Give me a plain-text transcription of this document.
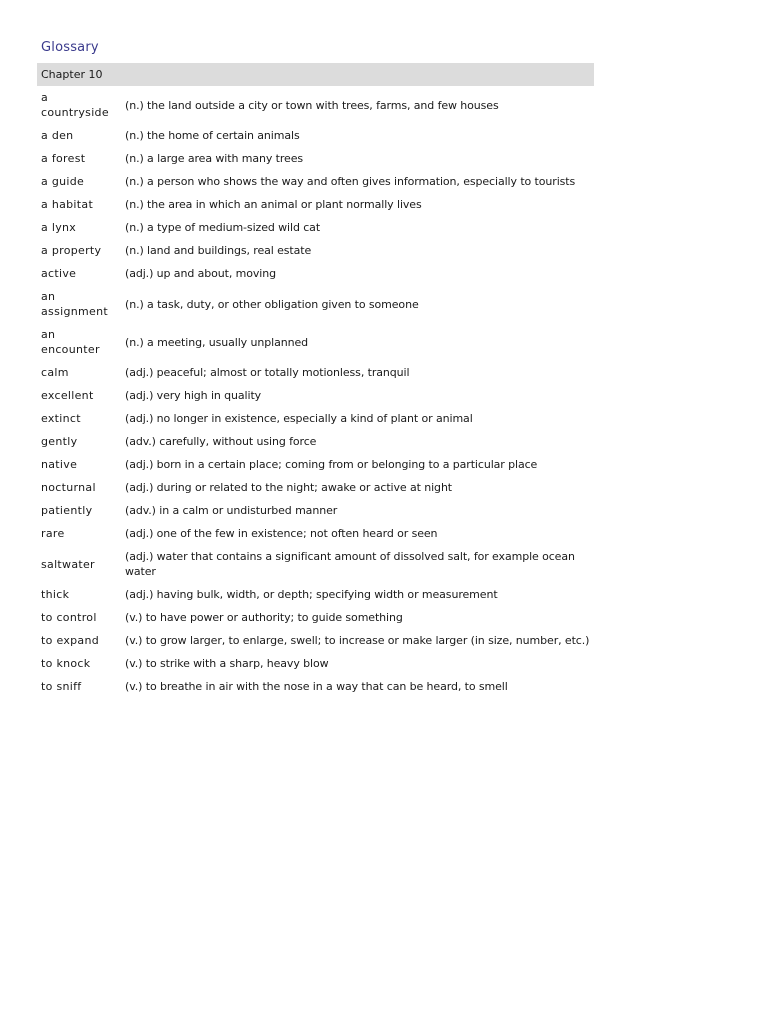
Glossary
Chapter 10	
a countryside	(n.) the land outside a city or town with trees, farms, and few houses
a den	(n.) the home of certain animals
a forest	(n.) a large area with many trees
a guide	(n.) a person who shows the way and often gives information, especially to tourists
a habitat	(n.) the area in which an animal or plant normally lives
a lynx	(n.) a type of medium-sized wild cat
a property	(n.) land and buildings, real estate
active	(adj.) up and about, moving
an assignment	(n.) a task, duty, or other obligation given to someone
an encounter	(n.) a meeting, usually unplanned
calm	(adj.) peaceful; almost or totally motionless, tranquil
excellent	(adj.) very high in quality
extinct	(adj.) no longer in existence, especially a kind of plant or animal
gently	(adv.) carefully, without using force
native	(adj.) born in a certain place; coming from or belonging to a particular place
nocturnal	(adj.) during or related to the night; awake or active at night
patiently	(adv.) in a calm or undisturbed manner
rare	(adj.) one of the few in existence; not often heard or seen
saltwater	(adj.) water that contains a significant amount of dissolved salt, for example ocean water
thick	(adj.) having bulk, width, or depth; specifying width or measurement
to control	(v.) to have power or authority; to guide something
to expand	(v.) to grow larger, to enlarge, swell; to increase or make larger (in size, number, etc.)
to knock	(v.) to strike with a sharp, heavy blow
to sniff	(v.) to breathe in air with the nose in a way that can be heard, to smell
